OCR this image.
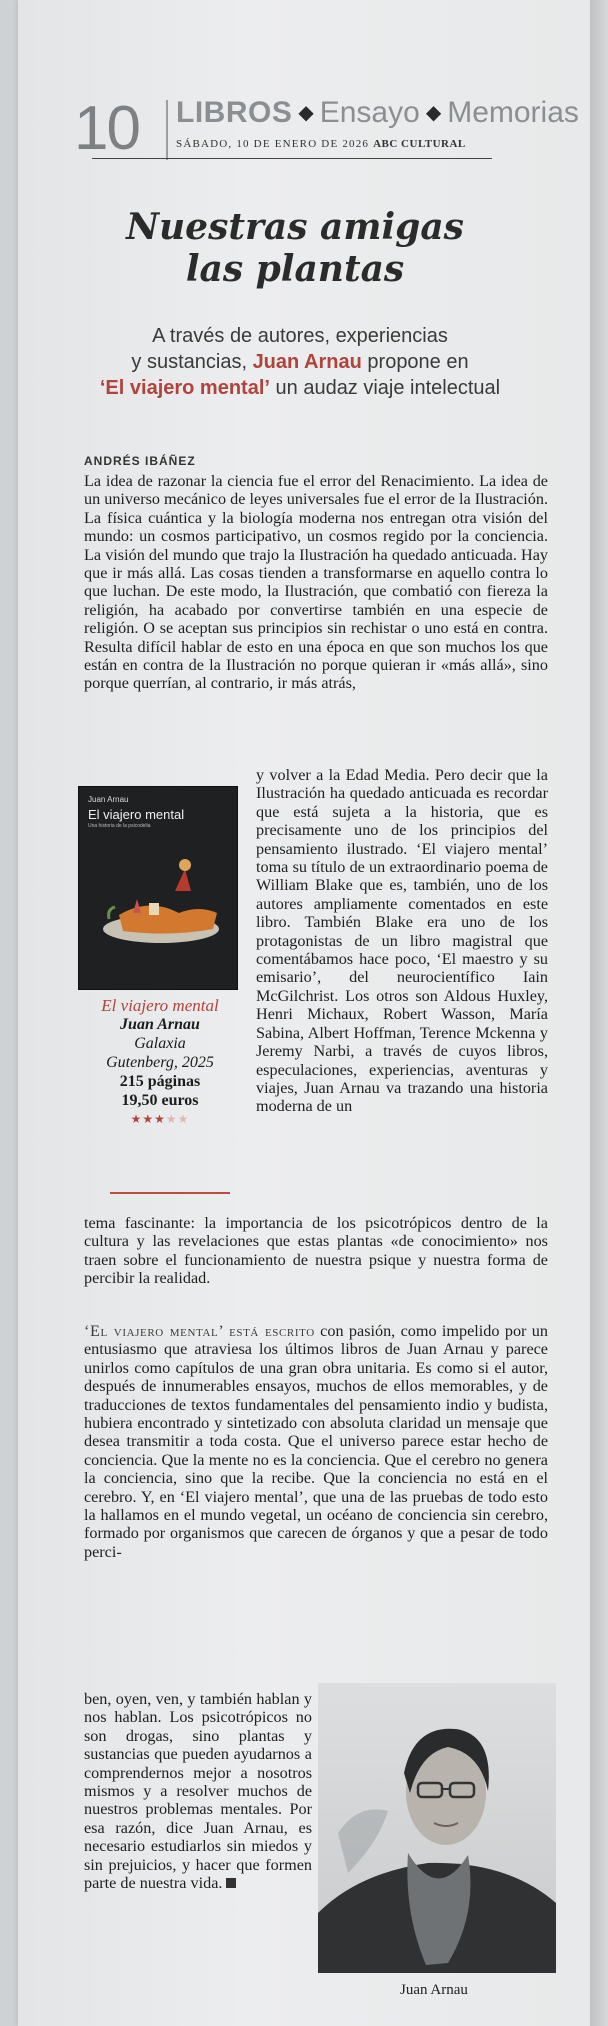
10 LIBROS ◆ Ensayo ◆ Memorias
SÁBADO, 10 DE ENERO DE 2026 ABC CULTURAL
Nuestras amigas
las plantas
A través de autores, experiencias
y sustancias, Juan Arnau propone en
‘El viajero mental’ un audaz viaje intelectual
ANDRÉS IBÁÑEZ

La idea de razonar la ciencia fue el error del Renacimiento. La idea de un universo mecánico de leyes universales fue el error de la Ilustración. La física cuántica y la biología moderna nos entregan otra visión del mundo: un cosmos participativo, un cosmos regido por la conciencia. La visión del mundo que trajo la Ilustración ha quedado anticuada. Hay que ir más allá. Las cosas tienden a transformarse en aquello contra lo que luchan. De este modo, la Ilustración, que combatió con fiereza la religión, ha acabado por convertirse también en una especie de religión. O se aceptan sus principios sin rechistar o uno está en contra. Resulta difícil hablar de esto en una época en que son muchos los que están en contra de la Ilustración no porque quieran ir «más allá», sino porque querrían, al contrario, ir más atrás,

Juan Arnau
El viajero mental
Una historia de la psicodelia
El viajero mental
Juan Arnau
Galaxia
Gutenberg, 2025
215 páginas
19,50 euros
★★★★★

y volver a la Edad Media. Pero decir que la Ilustración ha quedado anticuada es recordar que está sujeta a la historia, que es precisamente uno de los principios del pensamiento ilustrado. ‘El viajero mental’ toma su título de un extraordinario poema de William Blake que es, también, uno de los autores ampliamente comentados en este libro. También Blake era uno de los protagonistas de un libro magistral que comentábamos hace poco, ‘El maestro y su emisario’, del neurocientífico Iain McGilchrist. Los otros son Aldous Huxley, Henri Michaux, Robert Wasson, María Sabina, Albert Hoffman, Terence Mckenna y Jeremy Narbi, a través de cuyos libros, especulaciones, experiencias, aventuras y viajes, Juan Arnau va trazando una historia moderna de un

tema fascinante: la importancia de los psicotrópicos dentro de la cultura y las revelaciones que estas plantas «de conocimiento» nos traen sobre el funcionamiento de nuestra psique y nuestra forma de percibir la realidad.

‘El viajero mental’ está escrito con pasión, como impelido por un entusiasmo que atraviesa los últimos libros de Juan Arnau y parece unirlos como capítulos de una gran obra unitaria. Es como si el autor, después de innumerables ensayos, muchos de ellos memorables, y de traducciones de textos fundamentales del pensamiento indio y budista, hubiera encontrado y sintetizado con absoluta claridad un mensaje que desea transmitir a toda costa. Que el universo parece estar hecho de conciencia. Que la mente no es la conciencia. Que el cerebro no genera la conciencia, sino que la recibe. Que la conciencia no está en el cerebro. Y, en ‘El viajero mental’, que una de las pruebas de todo esto la hallamos en el mundo vegetal, un océano de conciencia sin cerebro, formado por organismos que carecen de órganos y que a pesar de todo perci-

ben, oyen, ven, y también hablan y nos hablan. Los psicotrópicos no son drogas, sino plantas y sustancias que pueden ayudarnos a comprendernos mejor a nosotros mismos y a resolver muchos de nuestros problemas mentales. Por esa razón, dice Juan Arnau, es necesario estudiarlos sin miedos y sin prejuicios, y hacer que formen parte de nuestra vida.

Juan Arnau
